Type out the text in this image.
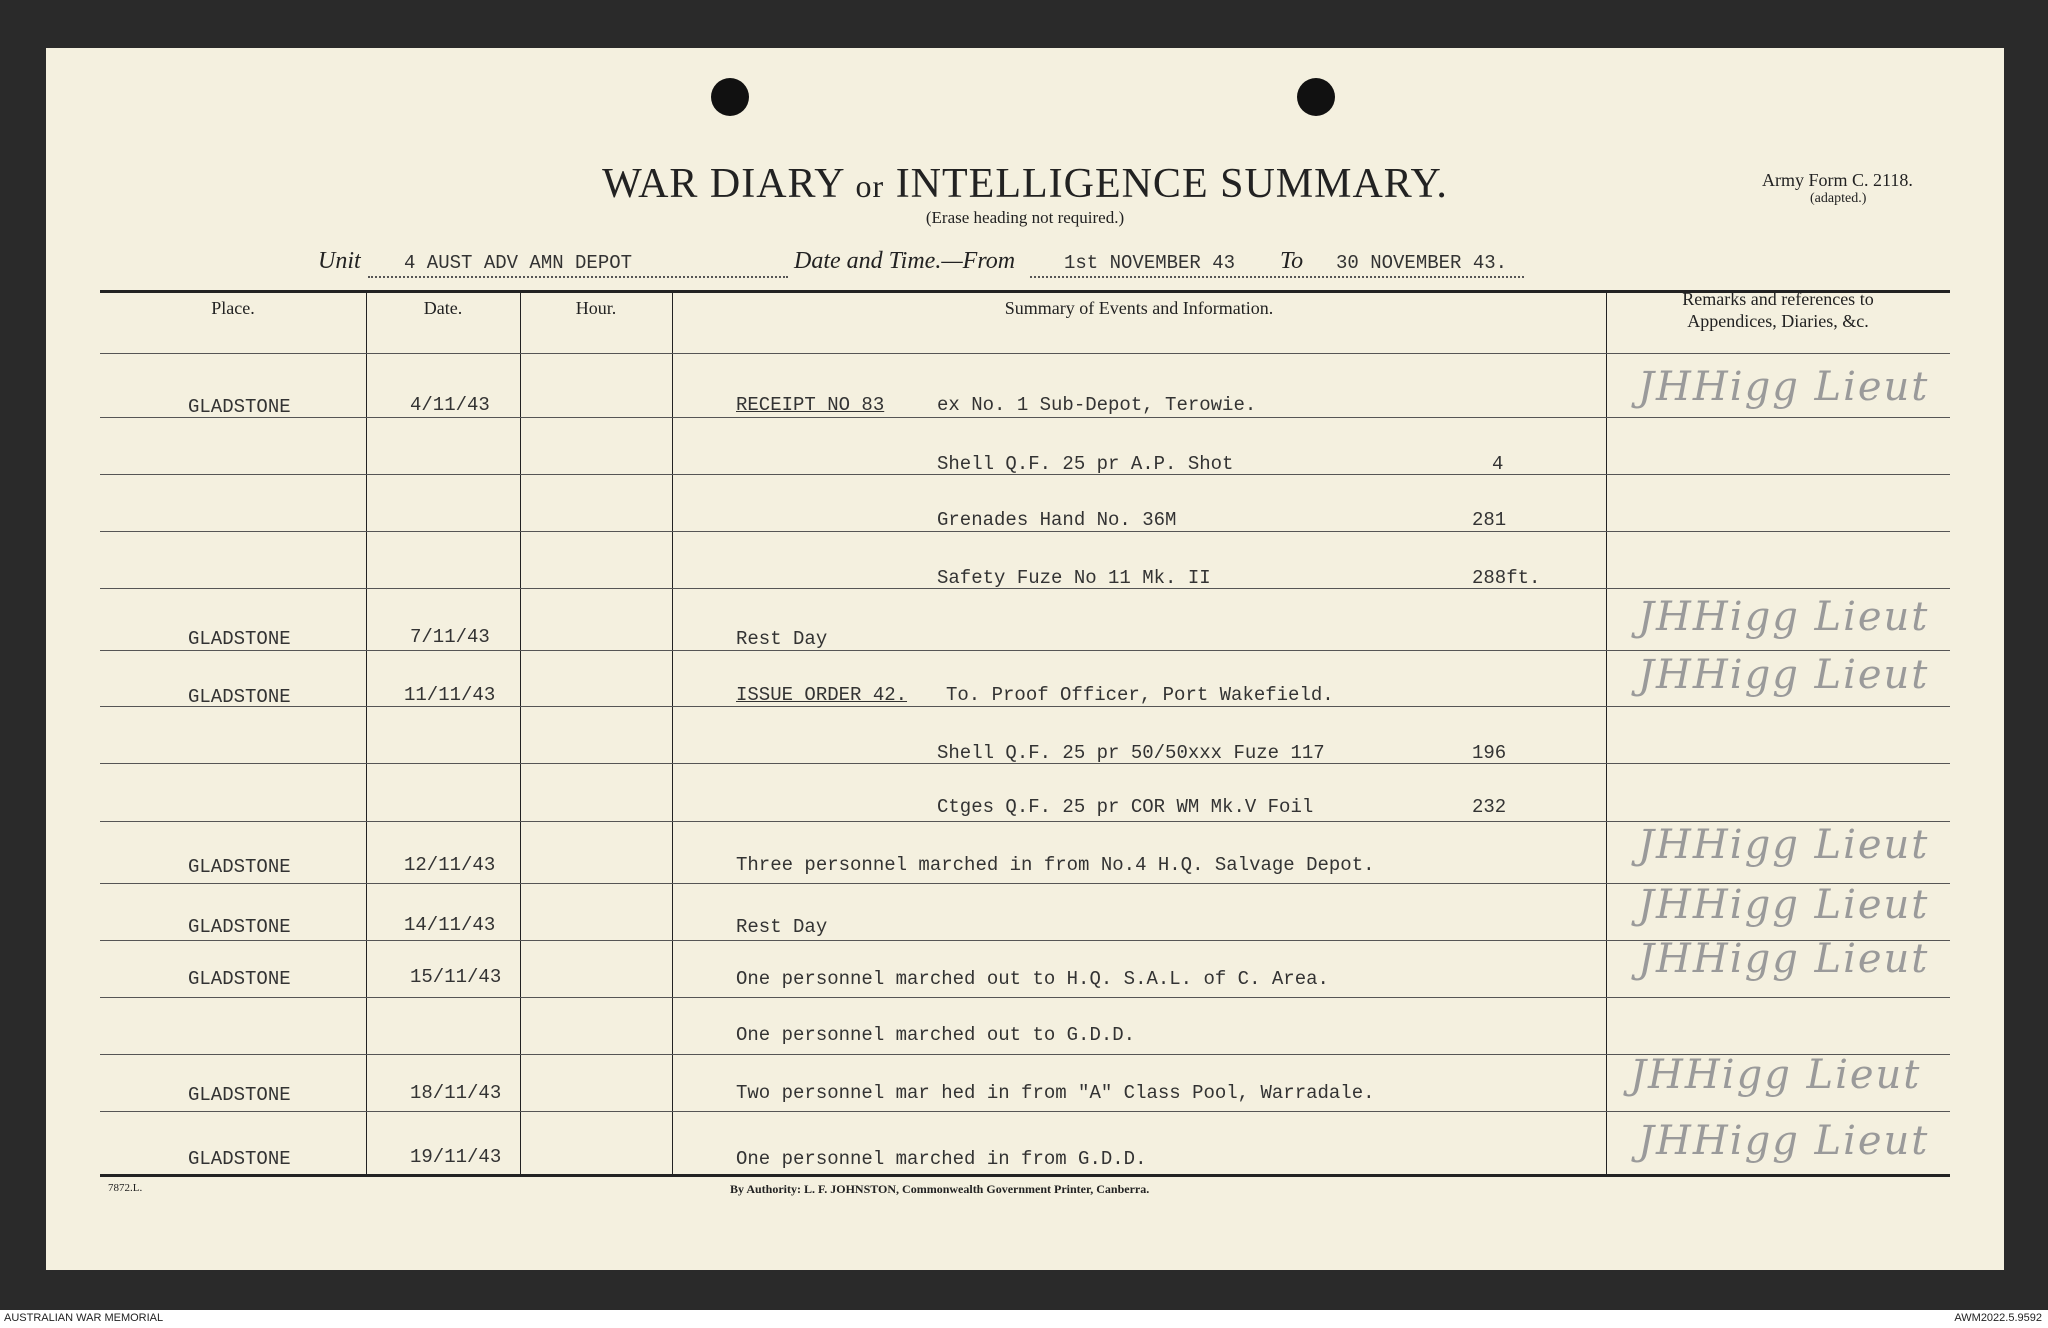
WAR DIARY or INTELLIGENCE SUMMARY.
(Erase heading not required.)
Army Form C. 2118.
(adapted.)
Unit 4 AUST ADV AMN DEPOT	Date and Time.—From	1st NOVEMBER 43 To 30 NOVEMBER 43.
Place.	Date.	Hour.	Summary of Events and Information.	Remarks and references to
Appendices, Diaries, &c.
GLADSTONE	4/11/43	RECEIPT NO 83	ex No. 1 Sub-Depot, Terowie.	JHHigg Lieut
Shell Q.F. 25 pr A.P. Shot	4
Grenades Hand No. 36M	281
Safety Fuze No 11 Mk. II	288ft.
GLADSTONE	7/11/43	Rest Day	JHHigg Lieut
GLADSTONE	11/11/43	ISSUE ORDER 42. To. Proof Officer, Port Wakefield.	JHHigg Lieut
Shell Q.F. 25 pr 50/50xxx Fuze 117	196
Ctges Q.F. 25 pr COR WM Mk.V Foil	232
GLADSTONE	12/11/43	Three personnel marched in from No.4 H.Q. Salvage Depot.	JHHigg Lieut
GLADSTONE	14/11/43	Rest Day	JHHigg Lieut
GLADSTONE	15/11/43	One personnel marched out to H.Q. S.A.L. of C. Area.	JHHigg Lieut
One personnel marched out to G.D.D.
GLADSTONE	18/11/43	Two personnel mar hed in from "A" Class Pool, Warradale.	JHHigg Lieut
GLADSTONE	19/11/43	One personnel marched in from G.D.D.	JHHigg Lieut
7872.L.	By Authority: L. F. JOHNSTON, Commonwealth Government Printer, Canberra.
AUSTRALIAN WAR MEMORIAL	AWM2022.5.9592
